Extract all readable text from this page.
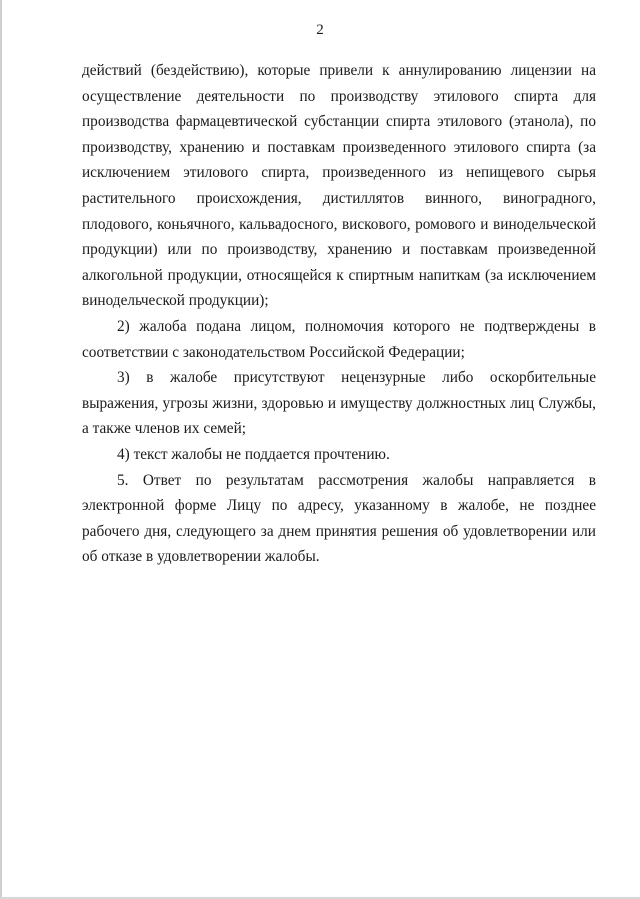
2

действий (бездействию), которые привели к аннулированию лицензии на осуществление деятельности по производству этилового спирта для производства фармацевтической субстанции спирта этилового (этанола), по производству, хранению и поставкам произведенного этилового спирта (за исключением этилового спирта, произведенного из непищевого сырья растительного происхождения, дистиллятов винного, виноградного, плодового, коньячного, кальвадосного, вискового, ромового и винодельческой продукции) или по производству, хранению и поставкам произведенной алкогольной продукции, относящейся к спиртным напиткам (за исключением винодельческой продукции);

2) жалоба подана лицом, полномочия которого не подтверждены в соответствии с законодательством Российской Федерации;

3) в жалобе присутствуют нецензурные либо оскорбительные выражения, угрозы жизни, здоровью и имуществу должностных лиц Службы, а также членов их семей;

4) текст жалобы не поддается прочтению.

5. Ответ по результатам рассмотрения жалобы направляется в электронной форме Лицу по адресу, указанному в жалобе, не позднее рабочего дня, следующего за днем принятия решения об удовлетворении или об отказе в удовлетворении жалобы.
